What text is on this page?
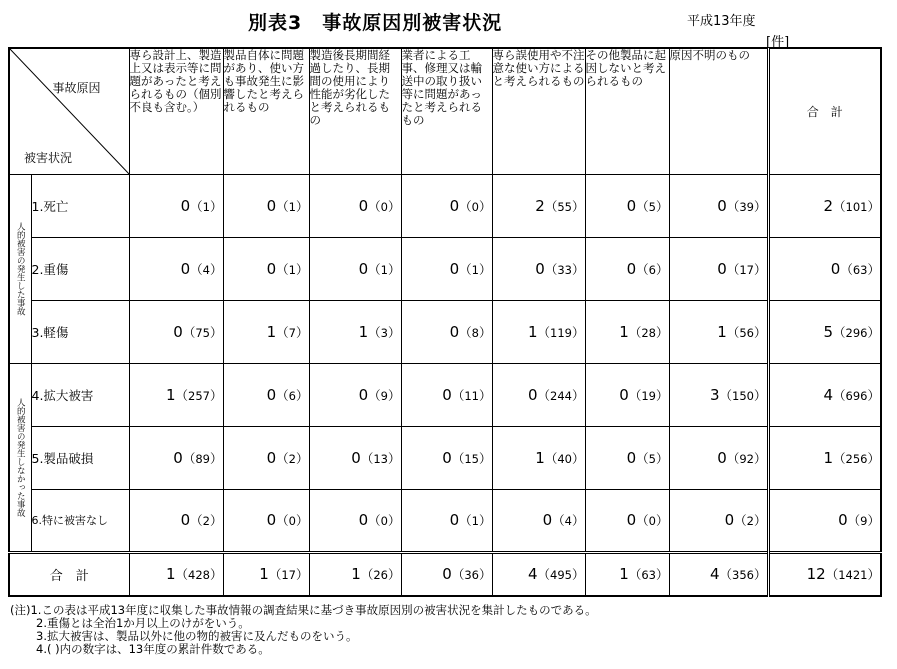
別表3　事故原因別被害状況	平成13年度
[件]
事故原因
被害状況		専ら設計上、製造上又は表示等に問題があったと考えられるもの（個別不良も含む。）	製品自体に問題があり、使い方も事故発生に影響したと考えられるもの	製造後長期間経過したり、長期間の使用により性能が劣化したと考えられるもの	業者による工事、修理又は輸送中の取り扱い等に問題があったと考えられるもの	専ら誤使用や不注意な使い方によると考えられるもの	その他製品に起因しないと考えられるもの	原因不明のもの	合　計
人的被害の発生した事故	1.死亡	0（1）	0（1）	0（0）	0（0）	2（55）	0（5）	0（39）	2（101）
	2.重傷	0（4）	0（1）	0（1）	0（1）	0（33）	0（6）	0（17）	0（63）
	3.軽傷	0（75）	1（7）	1（3）	0（8）	1（119）	1（28）	1（56）	5（296）
人的被害の発生しなかった事故	4.拡大被害	1（257）	0（6）	0（9）	0（11）	0（244）	0（19）	3（150）	4（696）
	5.製品破損	0（89）	0（2）	0（13）	0（15）	1（40）	0（5）	0（92）	1（256）
	6.特に被害なし	0（2）	0（0）	0（0）	0（1）	0（4）	0（0）	0（2）	0（9）
合　計		1（428）	1（17）	1（26）	0（36）	4（495）	1（63）	4（356）	12（1421）
(注)1.この表は平成13年度に収集した事故情報の調査結果に基づき事故原因別の被害状況を集計したものである。
2.重傷とは全治1か月以上のけがをいう。
3.拡大被害は、製品以外に他の物的被害に及んだものをいう。
4.( )内の数字は、13年度の累計件数である。
